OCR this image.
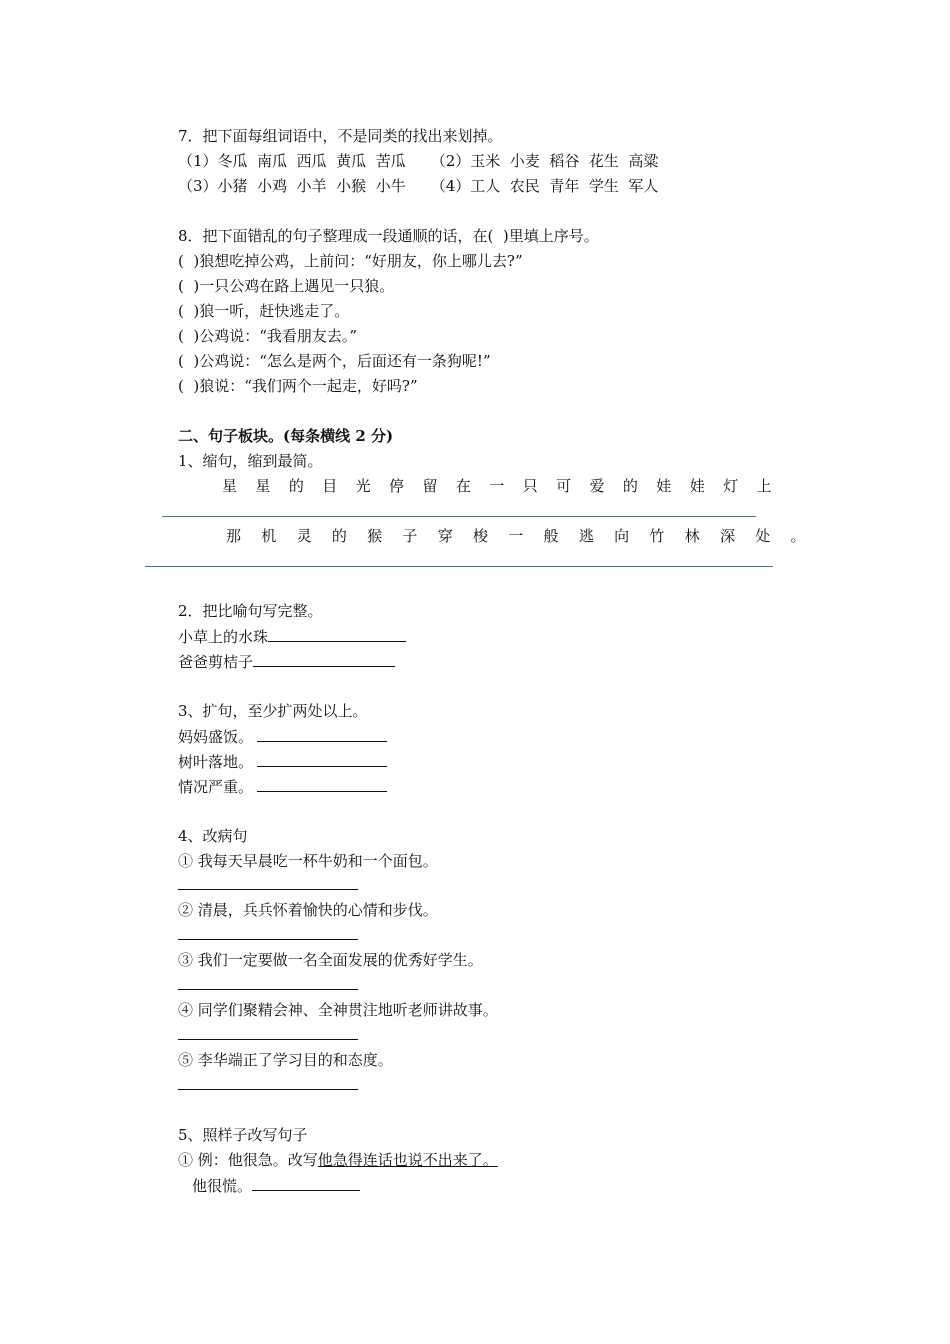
7．把下面每组词语中，不是同类的找出来划掉。
（1）冬瓜  南瓜  西瓜  黄瓜  苦瓜 （2）玉米  小麦  稻谷  花生  高粱
（3）小猪  小鸡  小羊  小猴  小牛 （4）工人  农民  青年  学生  军人
8．把下面错乱的句子整理成一段通顺的话，在(  )里填上序号。
(  )狼想吃掉公鸡，上前问：“好朋友，你上哪儿去?”
(  )一只公鸡在路上遇见一只狼。
(  )狼一听，赶快逃走了。
(  )公鸡说：“我看朋友去。”
(  )公鸡说：“怎么是两个，后面还有一条狗呢!”
(  )狼说：“我们两个一起走，好吗?”
二、句子板块。(每条横线 2 分)
1、缩句，缩到最简。
星 星 的 目 光 停 留 在 一 只 可 爱 的 娃 娃 灯 上
那 机 灵 的 猴 子 穿 梭 一 般 逃 向 竹 林 深 处 。
2．把比喻句写完整。
小草上的水珠
爸爸剪桔子
3、扩句，至少扩两处以上。
妈妈盛饭。
树叶落地。
情况严重。
4、改病句
① 我每天早晨吃一杯牛奶和一个面包。
② 清晨，兵兵怀着愉快的心情和步伐。
③ 我们一定要做一名全面发展的优秀好学生。
④ 同学们聚精会神、全神贯注地听老师讲故事。
⑤ 李华端正了学习目的和态度。
5、照样子改写句子
① 例：他很急。改写他急得连话也说不出来了。
他很慌。
